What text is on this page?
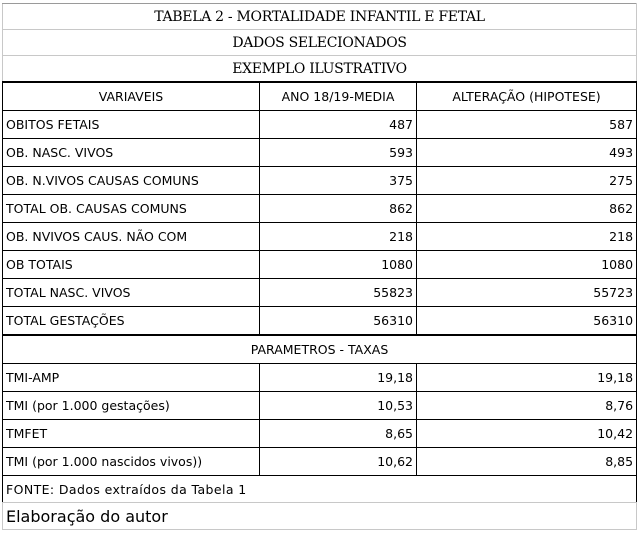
TABELA 2 - MORTALIDADE INFANTIL E FETAL		
DADOS SELECIONADOS		
EXEMPLO ILUSTRATIVO		
VARIAVEIS	ANO 18/19-MEDIA	ALTERAÇÃO (HIPOTESE)
OBITOS FETAIS	487	587
OB. NASC. VIVOS	593	493
OB. N.VIVOS CAUSAS COMUNS	375	275
TOTAL OB. CAUSAS COMUNS	862	862
OB. NVIVOS CAUS. NÃO COM	218	218
OB TOTAIS	1080	1080
TOTAL NASC. VIVOS	55823	55723
TOTAL GESTAÇÕES	56310	56310
PARAMETROS - TAXAS		
TMI-AMP	19,18	19,18
TMI (por 1.000 gestações)	10,53	8,76
TMFET	8,65	10,42
TMI (por 1.000 nascidos vivos))	10,62	8,85
FONTE: Dados extraídos da Tabela 1		
Elaboração do autor		
